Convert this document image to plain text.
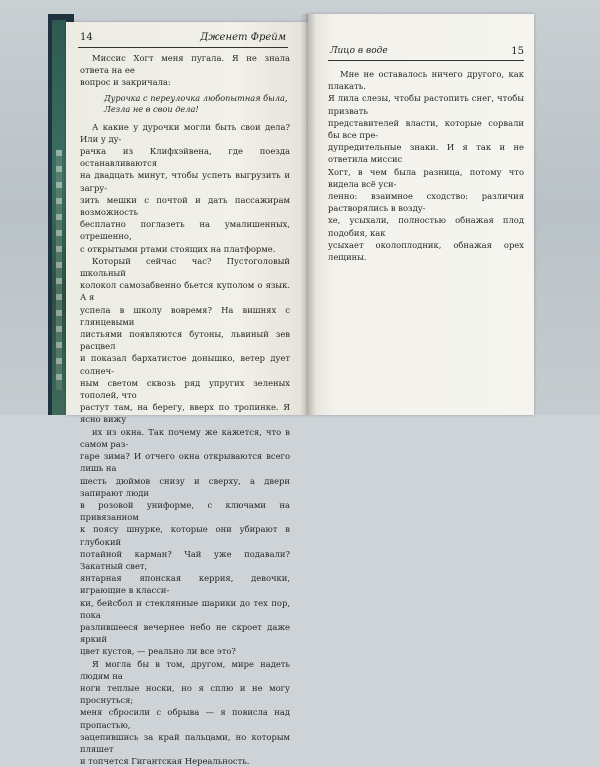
14	Дженет Фрейм

Миссис Хогт меня пугала. Я не знала ответа на ее

вопрос и закричала:

Дурочка с переулочка любопытная была,
Лезла не в свои дела!

А какие у дурочки могли быть свои дела? Или у ду-

рачка из Клифхэйвена, где поезда останавливаются

на двадцать минут, чтобы успеть выгрузить и загру-

зить мешки с почтой и дать пассажирам возможность

бесплатно поглазеть на умалишенных, отрешенно,

с открытыми ртами стоящих на платформе.

Который сейчас час? Пустоголовый школьный

колокол самозабвенно бьется куполом о язык. А я

успела в школу вовремя? На вишнях с глянцевыми

листьями появляются бутоны, львиный зев расцвел

и показал бархатистое донышко, ветер дует солнеч-

ным светом сквозь ряд упругих зеленых тополей, что

растут там, на берегу, вверх по тропинке. Я ясно вижу

их из окна. Так почему же кажется, что в самом раз-

гаре зима? И отчего окна открываются всего лишь на

шесть дюймов снизу и сверху, а двери запирают люди

в розовой униформе, с ключами на привязанном

к поясу шнурке, которые они убирают в глубокий

потайной карман? Чай уже подавали? Закатный свет,

янтарная японская керрия, девочки, играющие в класси-

ки, бейсбол и стеклянные шарики до тех пор, пока

разлившееся вечернее небо не скроет даже яркий

цвет кустов, — реально ли все это?

Я могла бы в том, другом, мире надеть людям на

ноги теплые носки, но я сплю и не могу проснуться;

меня сбросили с обрыва — я повисла над пропастью,

зацепившись за край пальцами, но которым пляшет

и топчется Гигантская Нереальность.

Лицо в воде	15

Мне не оставалось ничего другого, как плакать.

Я лила слезы, чтобы растопить снег, чтобы призвать

представителей власти, которые сорвали бы все пре-

дупредительные знаки. И я так и не ответила миссис

Хогт, в чем была разница, потому что видела всё уси-

ленно: взаимное сходство: различия растворялись в возду-

хе, усыхали, полностью обнажая плод подобия, как

усыхает околоплодник, обнажая орех лещины.
